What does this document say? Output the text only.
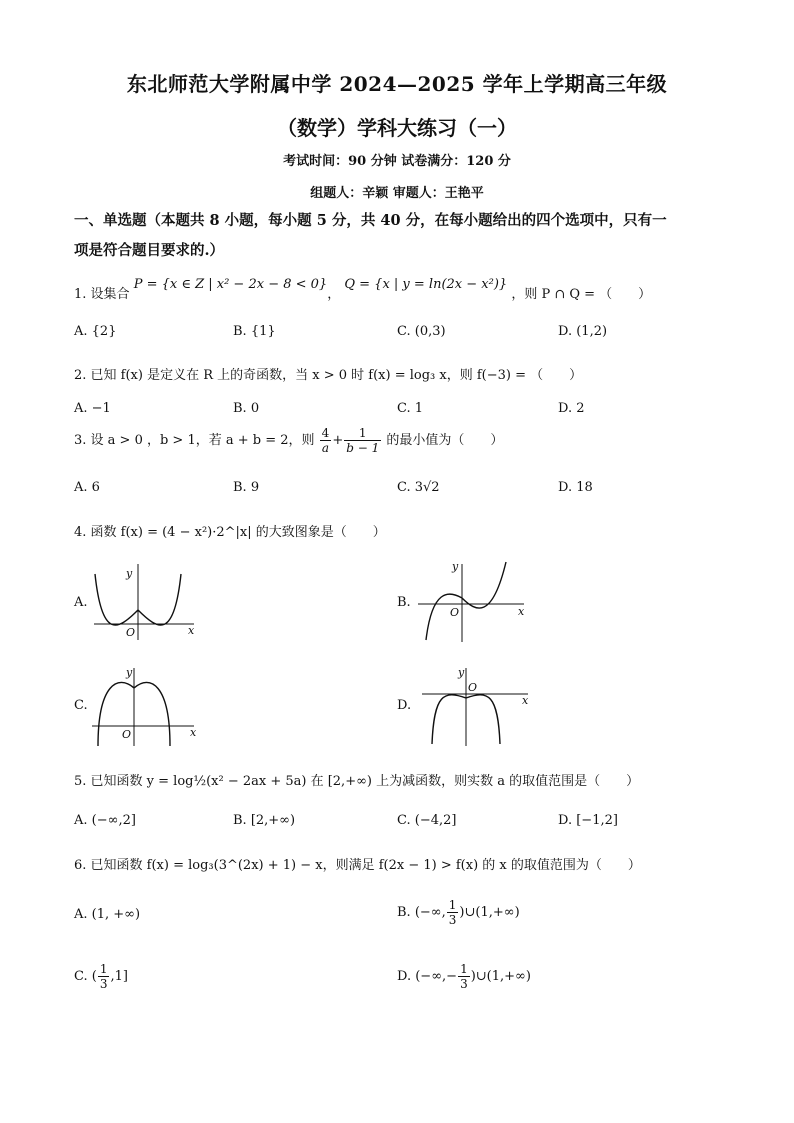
东北师范大学附属中学 2024—2025 学年上学期高三年级
（数学）学科大练习（一）
考试时间：90 分钟 试卷满分：120 分
组题人：辛颖 审题人：王艳平
一、单选题（本题共 8 小题，每小题 5 分，共 40 分，在每小题给出的四个选项中，只有一
项是符合题目要求的.）
1. 设集合 P = {x ∈ Z | x² − 2x − 8 < 0}， Q = {x | y = ln(2x − x²)} ，则 P ∩ Q = （　　）
A. {2}	B. {1}	C. (0,3)	D. (1,2)
2. 已知 f(x) 是定义在 R 上的奇函数，当 x > 0 时 f(x) = log₃ x，则 f(−3) = （　　）
A. −1	B. 0	C. 1	D. 2
3. 设 a > 0 ，b > 1，若 a + b = 2，则 $\frac{4}{a} + \frac{1}{b - 1}$ 的最小值为（　　）
A. 6	B. 9	C. 3√2	D. 18
4. 函数 f(x) = (4 − x²)·2^|x| 的大致图象是（　　）
A.	B.
C.	D.
y
x
O
y
x
O
y
x
O
y
x
O
5. 已知函数 y = log½(x² − 2ax + 5a) 在 [2,+∞) 上为减函数，则实数 a 的取值范围是（　　）
A. (−∞,2]	B. [2,+∞)	C. (−4,2]	D. [−1,2]
6. 已知函数 f(x) = log₃(3^(2x) + 1) − x，则满足 f(2x − 1) > f(x) 的 x 的取值范围为（　　）
A. (1, +∞)	B. (−∞, $\frac{1}{3}$ )∪(1,+∞)
C. ( $\frac{1}{3} ,1$]	D. (−∞,− $\frac{1}{3}$ )∪(1,+∞)
